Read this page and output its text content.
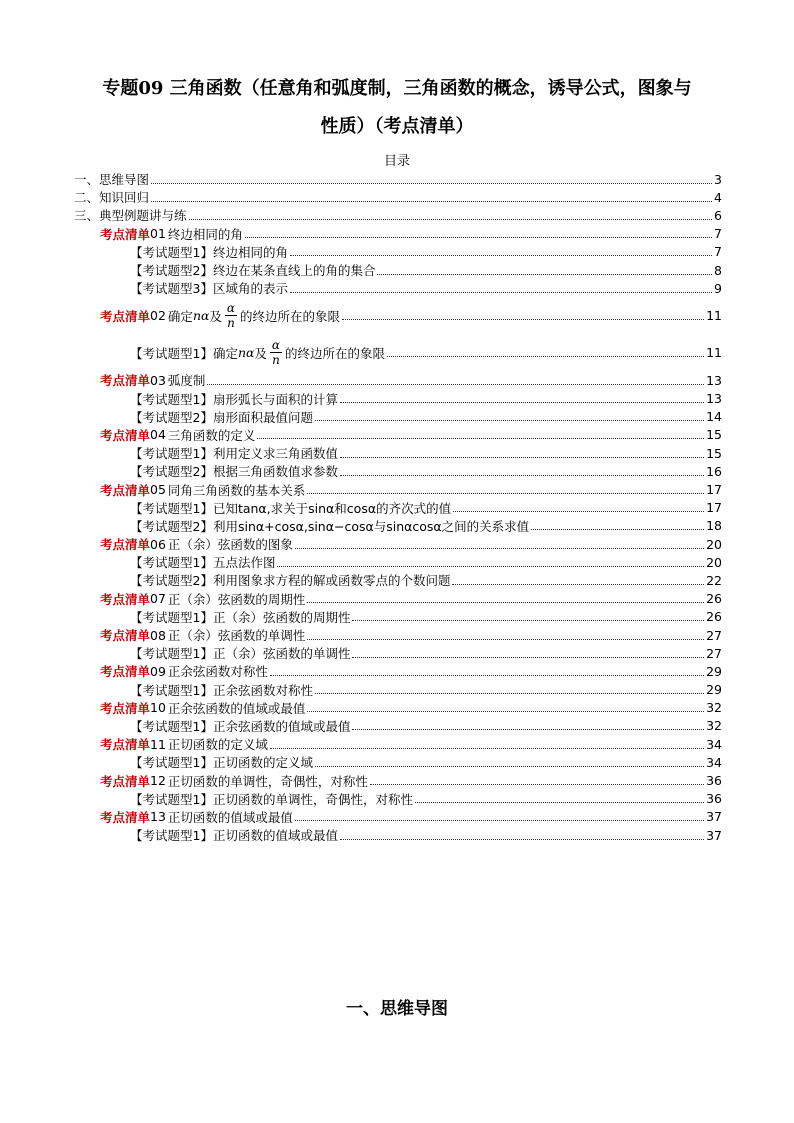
专题09 三角函数（任意角和弧度制，三角函数的概念，诱导公式，图象与
性质）（考点清单）
目录
一、思维导图	3
二、知识回归	4
三、典型例题讲与练	6
考点清单 01 终边相同的角	7
【考试题型1】终边相同的角	7
【考试题型2】终边在某条直线上的角的集合	8
【考试题型3】区域角的表示	9
考点清单 02 确定 nα 及 $\frac{\alpha}{n}$ 的终边所在的象限	11
【考试题型1】确定 nα 及 $\frac{\alpha}{n}$ 的终边所在的象限	11
考点清单 03 弧度制	13
【考试题型1】扇形弧长与面积的计算	13
【考试题型2】扇形面积最值问题	14
考点清单 04 三角函数的定义	15
【考试题型1】利用定义求三角函数值	15
【考试题型2】根据三角函数值求参数	16
考点清单 05 同角三角函数的基本关系	17
【考试题型1】已知tanα,求关于sinα和cosα的齐次式的值	17
【考试题型2】利用sinα+cosα,sinα−cosα与sinαcosα之间的关系求值	18
考点清单 06 正（余）弦函数的图象	20
【考试题型1】五点法作图	20
【考试题型2】利用图象求方程的解或函数零点的个数问题	22
考点清单 07 正（余）弦函数的周期性	26
【考试题型1】正（余）弦函数的周期性	26
考点清单 08 正（余）弦函数的单调性	27
【考试题型1】正（余）弦函数的单调性	27
考点清单 09 正余弦函数对称性	29
【考试题型1】正余弦函数对称性	29
考点清单 10 正余弦函数的值域或最值	32
【考试题型1】正余弦函数的值域或最值	32
考点清单 11 正切函数的定义域	34
【考试题型1】正切函数的定义域	34
考点清单 12 正切函数的单调性，奇偶性，对称性	36
【考试题型1】正切函数的单调性，奇偶性，对称性	36
考点清单 13 正切函数的值域或最值	37
【考试题型1】正切函数的值域或最值	37
一、思维导图
